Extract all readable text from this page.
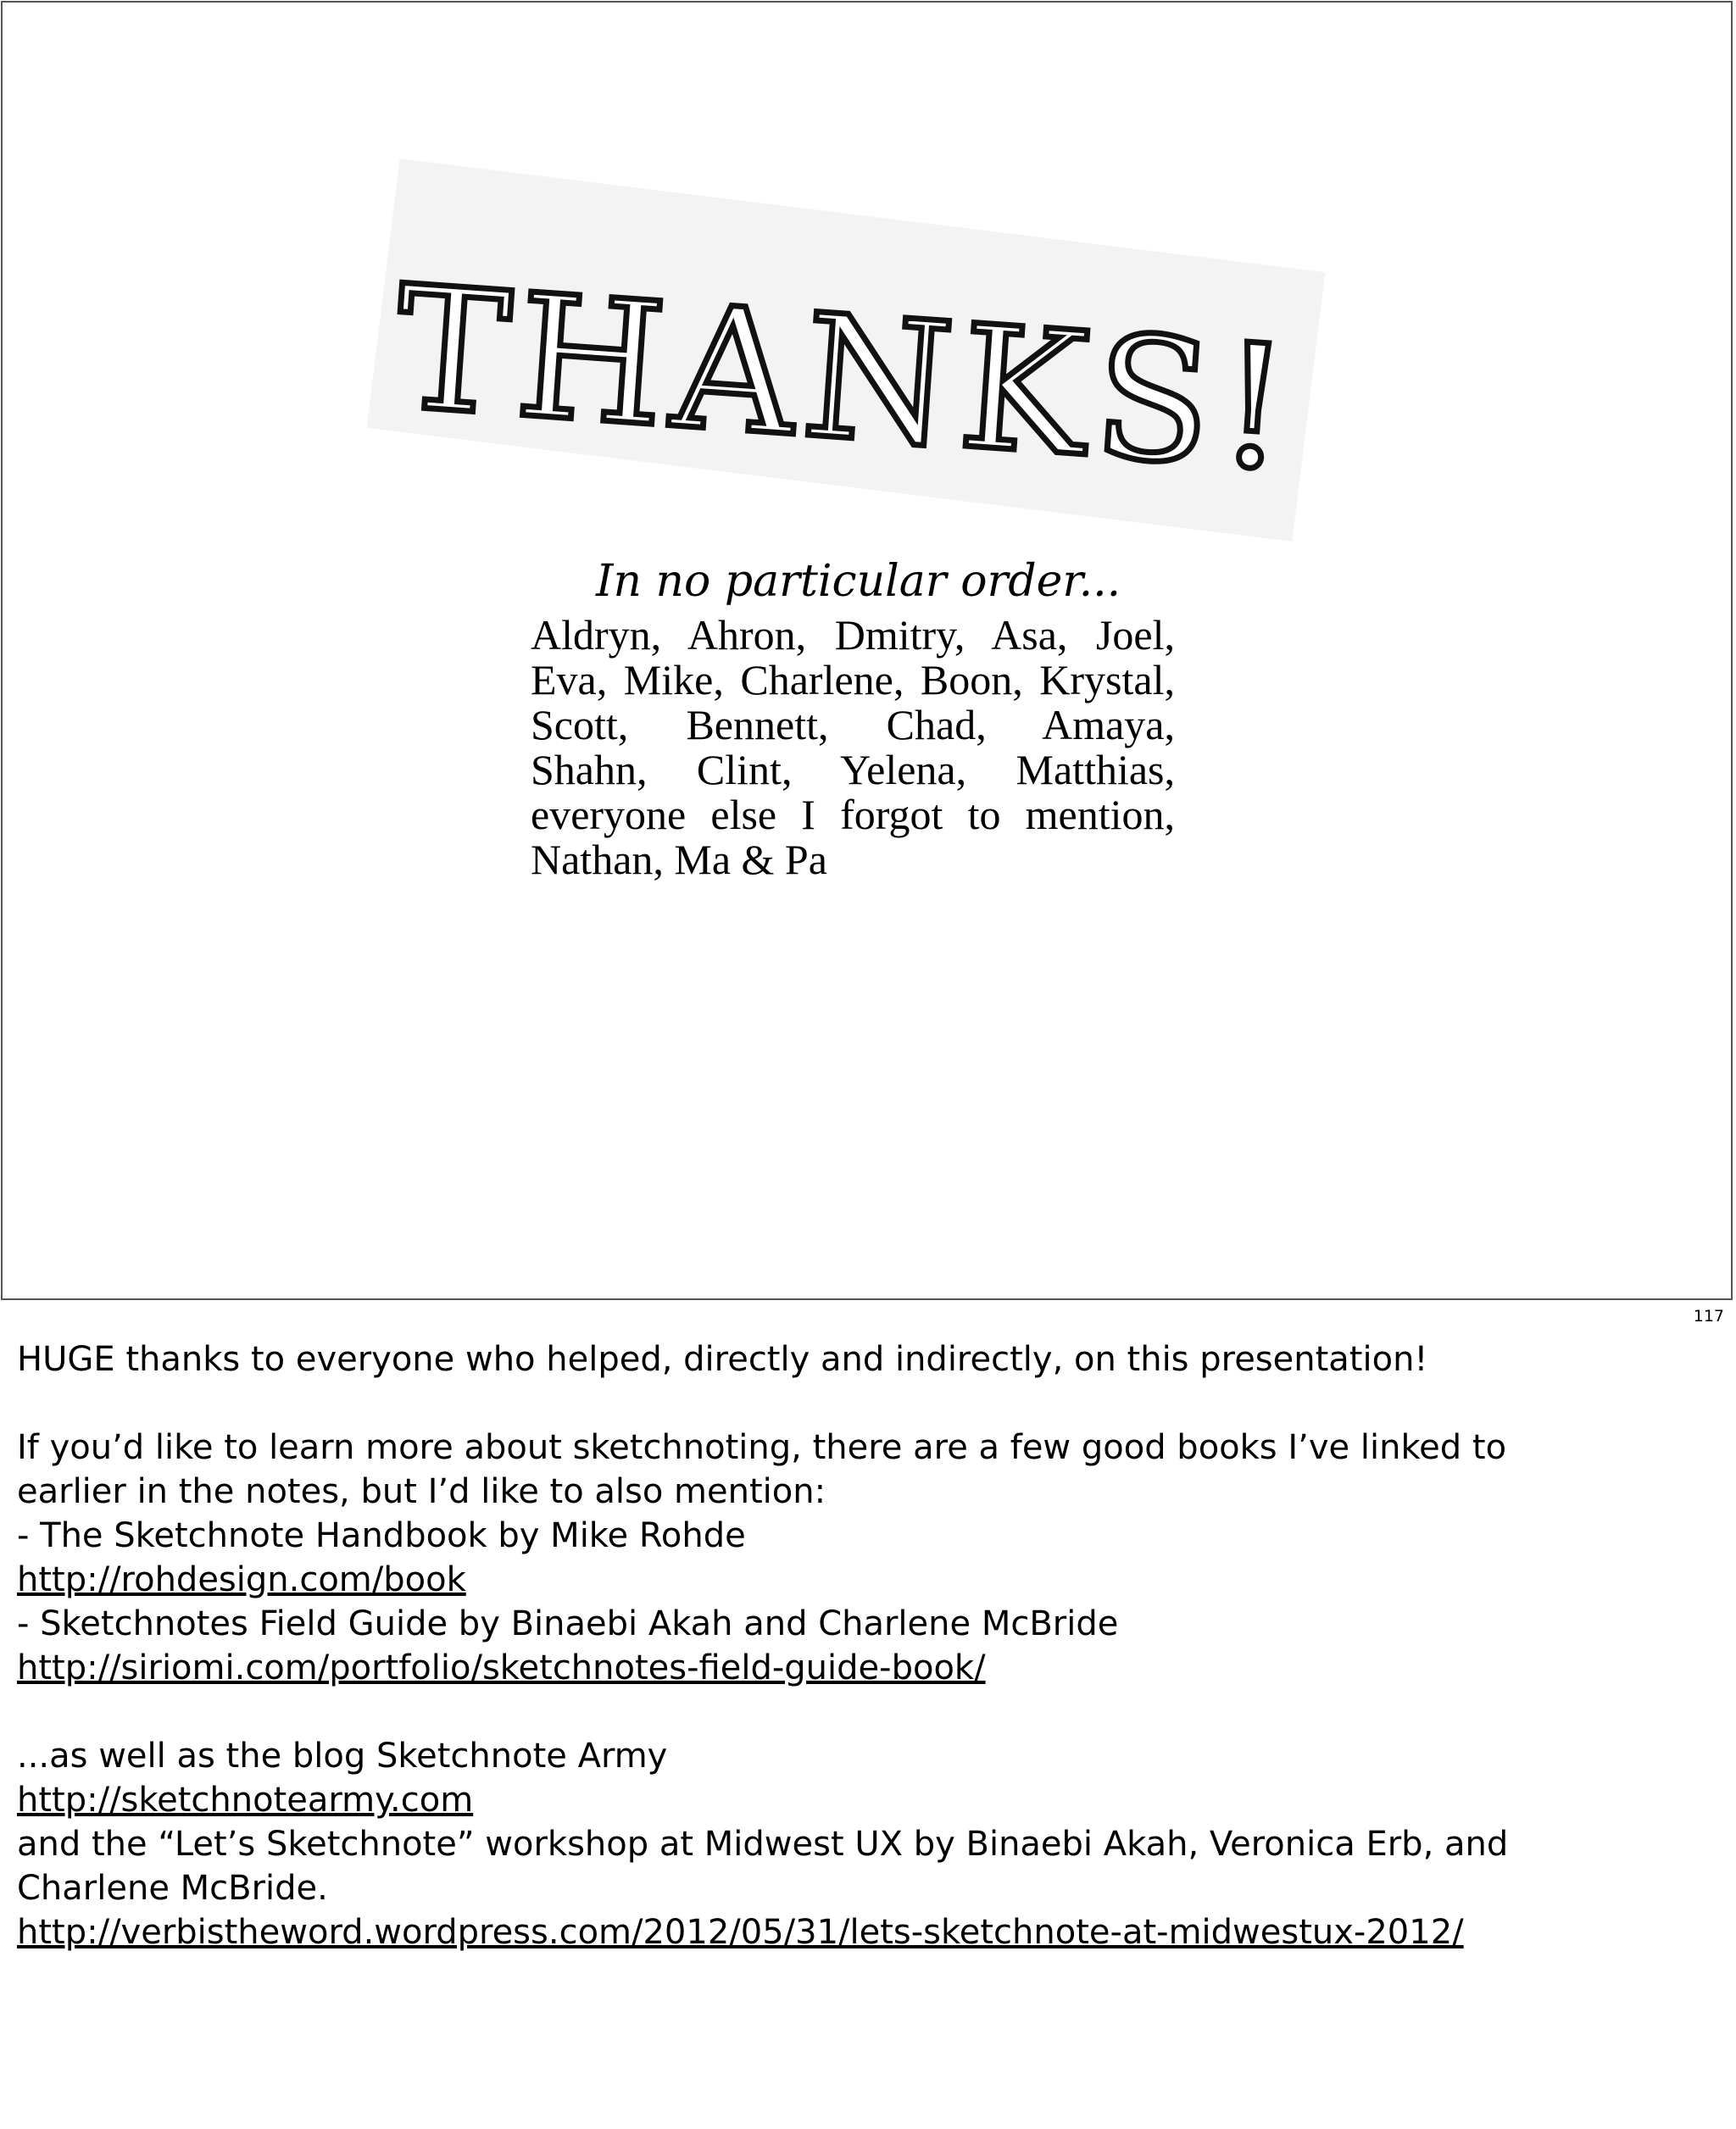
THANKS!
In no particular order...
Aldryn, Ahron, Dmitry, Asa, Joel,
Eva, Mike, Charlene, Boon, Krystal,
Scott, Bennett, Chad, Amaya,
Shahn, Clint, Yelena, Matthias,
everyone else I forgot to mention,
Nathan, Ma & Pa
117

HUGE thanks to everyone who helped, directly and indirectly, on this presentation!

If you’d like to learn more about sketchnoting, there are a few good books I’ve linked to

earlier in the notes, but I’d like to also mention:

- The Sketchnote Handbook by Mike Rohde

http://rohdesign.com/book

- Sketchnotes Field Guide by Binaebi Akah and Charlene McBride

http://siriomi.com/portfolio/sketchnotes-field-guide-book/

...as well as the blog Sketchnote Army

http://sketchnotearmy.com

and the “Let’s Sketchnote” workshop at Midwest UX by Binaebi Akah, Veronica Erb, and

Charlene McBride.

http://verbistheword.wordpress.com/2012/05/31/lets-sketchnote-at-midwestux-2012/
